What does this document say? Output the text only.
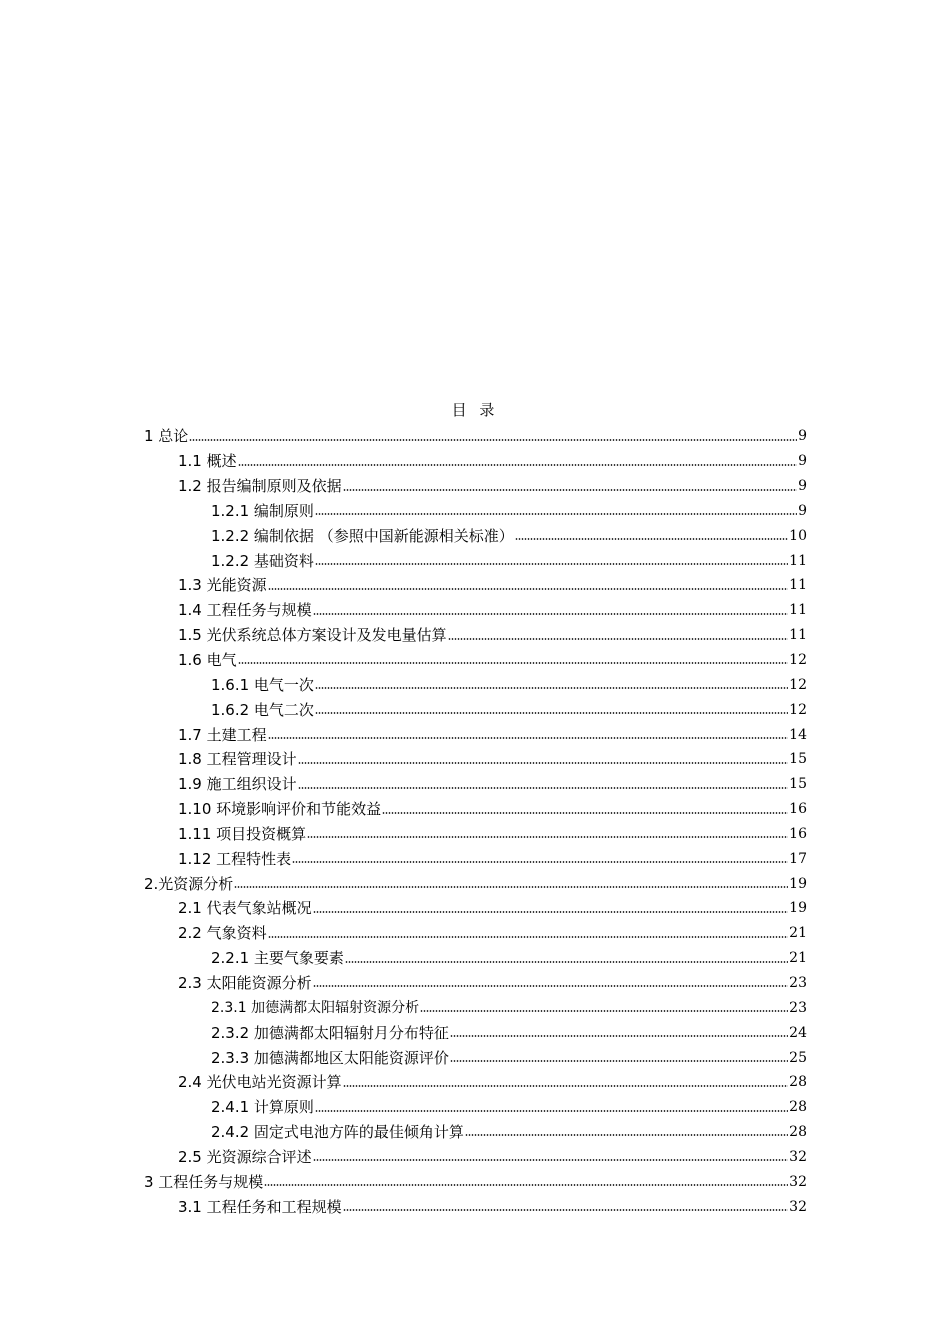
目 录
1 总论	9
1.1 概述	9
1.2 报告编制原则及依据	9
1.2.1 编制原则	9
1.2.2 编制依据 （参照中国新能源相关标准）	10
1.2.2 基础资料	11
1.3 光能资源	11
1.4 工程任务与规模	11
1.5 光伏系统总体方案设计及发电量估算	11
1.6 电气	12
1.6.1 电气一次	12
1.6.2 电气二次	12
1.7 土建工程	14
1.8 工程管理设计	15
1.9 施工组织设计	15
1.10 环境影响评价和节能效益	16
1.11 项目投资概算	16
1.12 工程特性表	17
2.光资源分析	19
2.1 代表气象站概况	19
2.2 气象资料	21
2.2.1 主要气象要素	21
2.3 太阳能资源分析	23
2.3.1 加德满都太阳辐射资源分析	23
2.3.2 加德满都太阳辐射月分布特征	24
2.3.3 加德满都地区太阳能资源评价	25
2.4 光伏电站光资源计算	28
2.4.1 计算原则	28
2.4.2 固定式电池方阵的最佳倾角计算	28
2.5 光资源综合评述	32
3 工程任务与规模	32
3.1 工程任务和工程规模	32
